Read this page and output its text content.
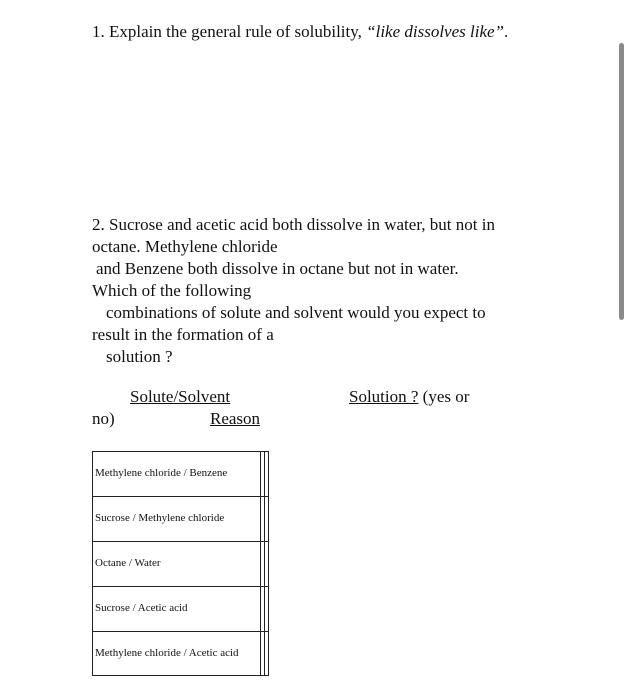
1. Explain the general rule of solubility, “like dissolves like”.
2. Sucrose and acetic acid both dissolve in water, but not in
octane. Methylene chloride
and Benzene both dissolve in octane but not in water.
Which of the following
combinations of solute and solvent would you expect to
result in the formation of a
solution ?
Solute/Solvent	Solution ? (yes or
no)	Reason
Methylene chloride / Benzene
Sucrose / Methylene chloride
Octane / Water
Sucrose / Acetic acid
Methylene chloride / Acetic acid
